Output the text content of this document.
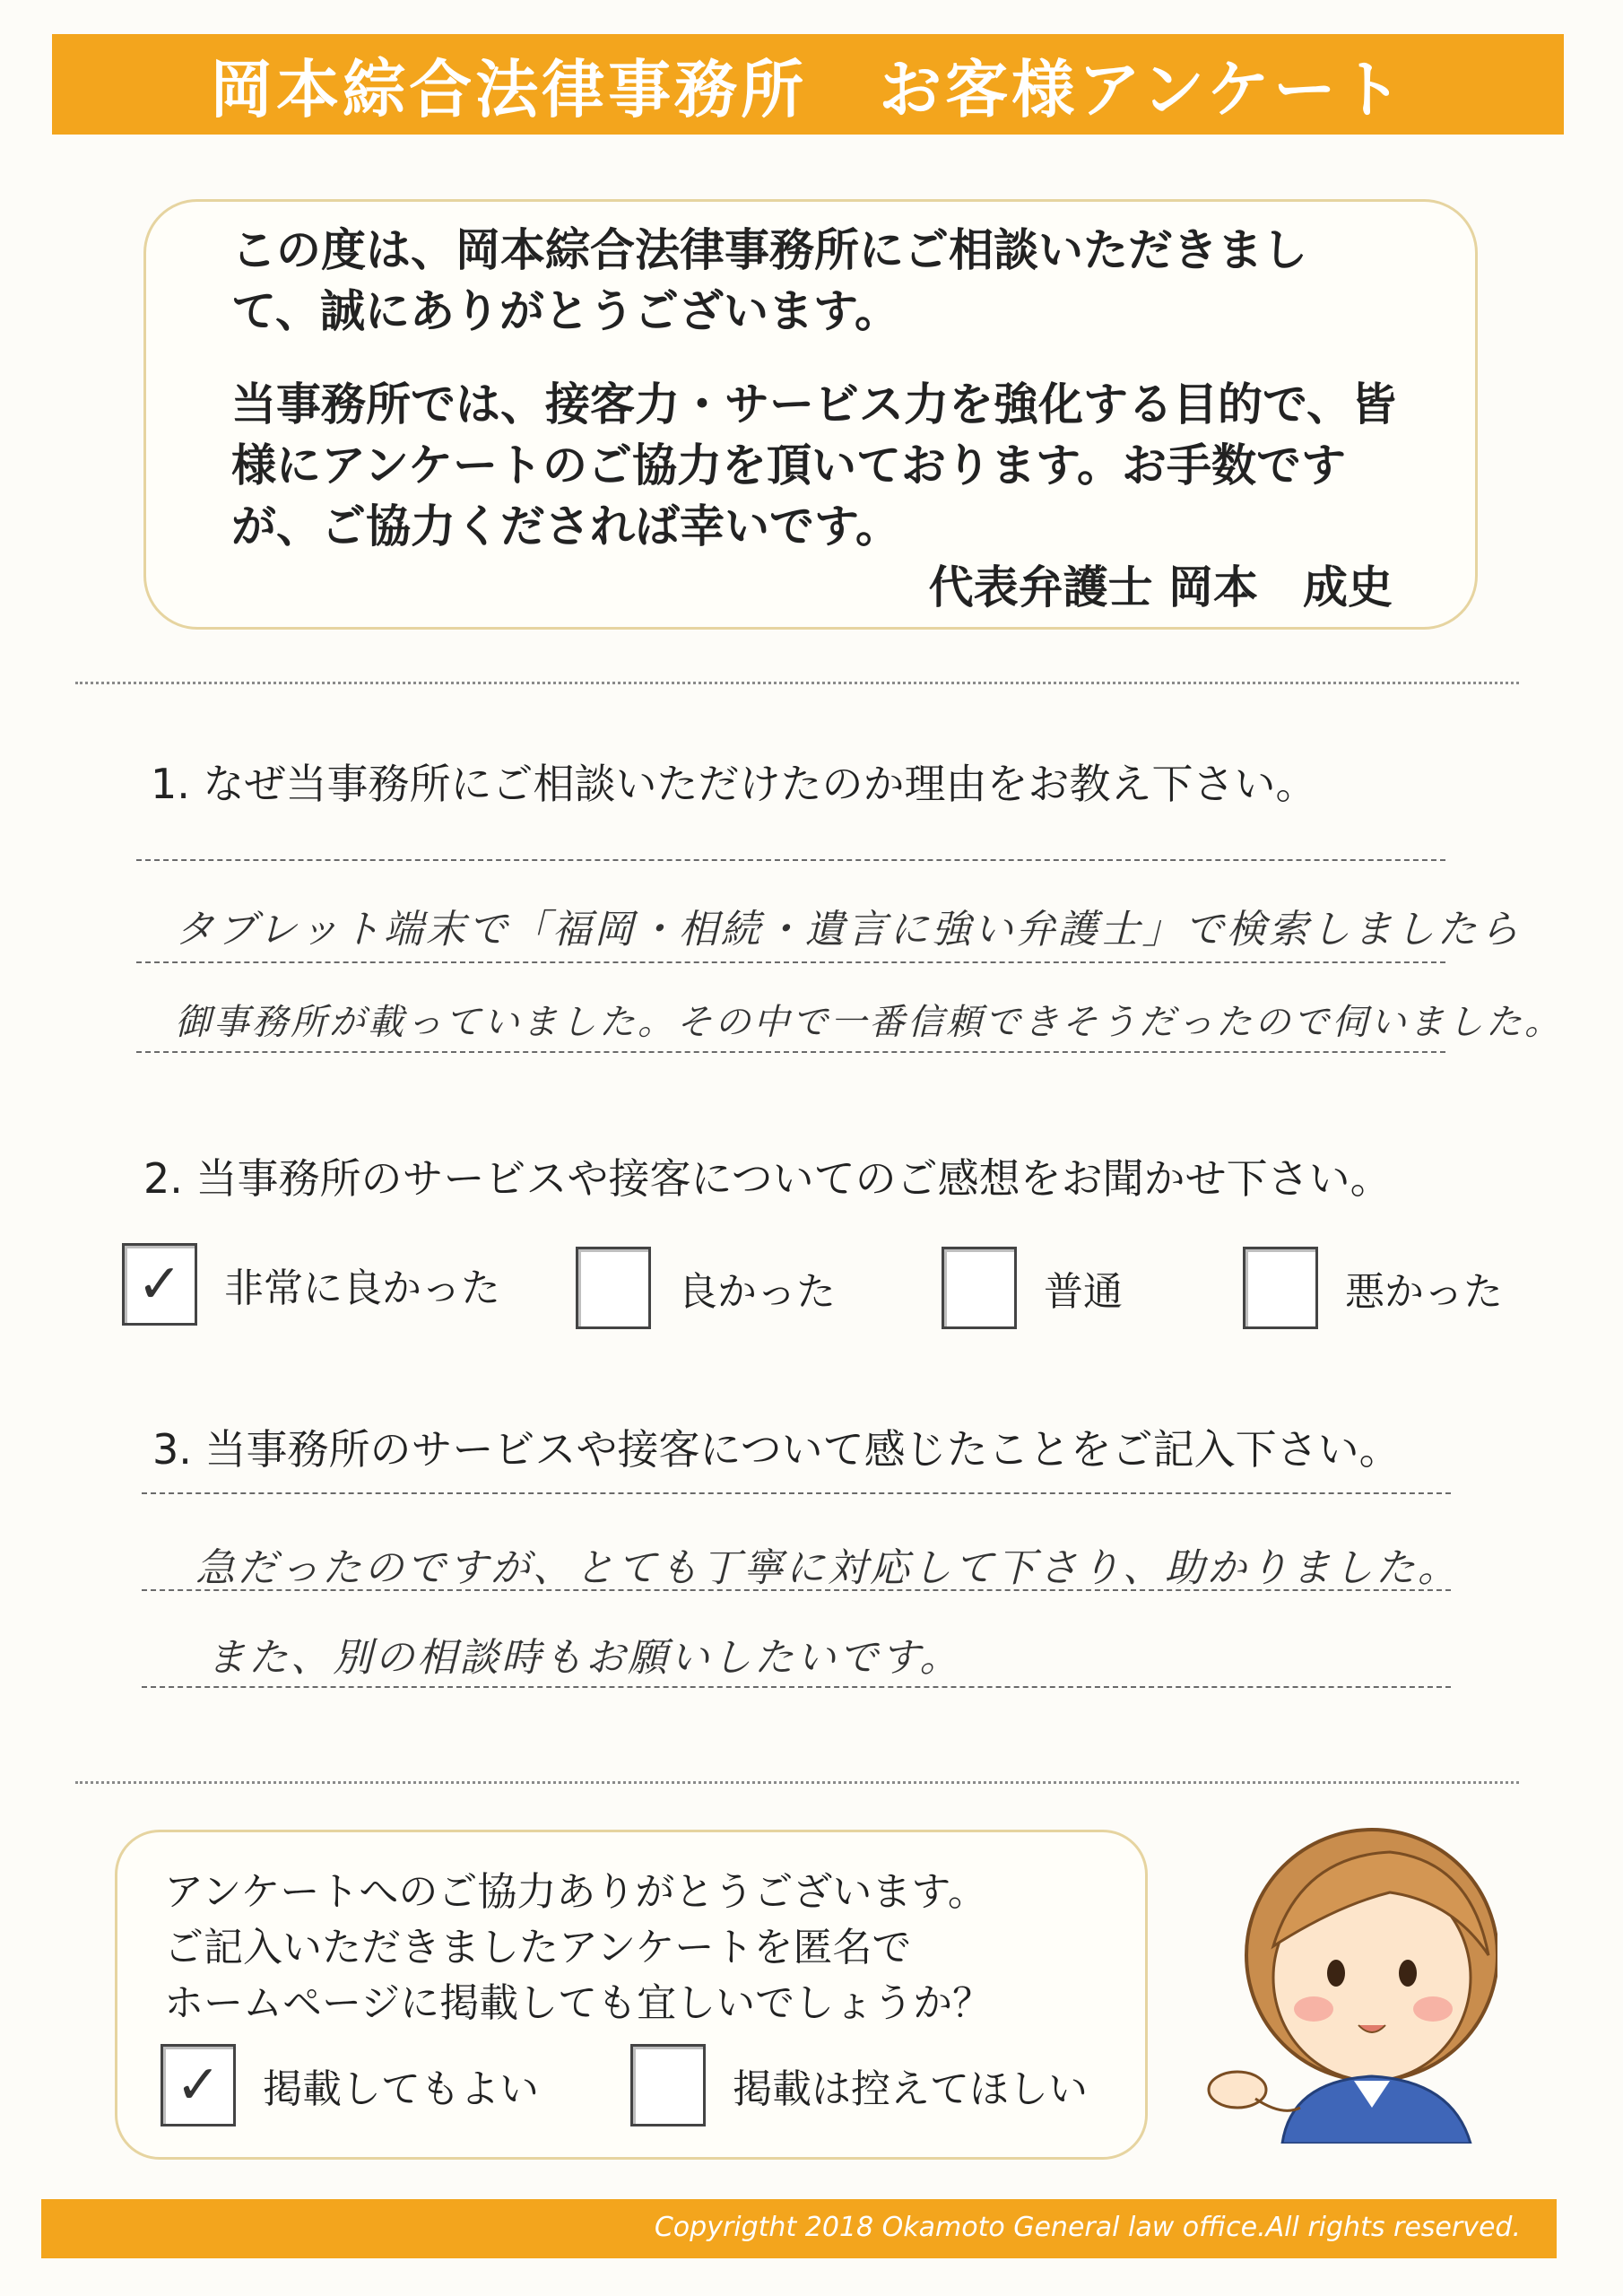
岡本綜合法律事務所 お客様アンケート

この度は、岡本綜合法律事務所にご相談いただきまして、誠にありがとうございます。

当事務所では、接客力・サービス力を強化する目的で、皆様にアンケートのご協力を頂いております。お手数ですが、ご協力くだされば幸いです。

代表弁護士 岡本　成史
1. なぜ当事務所にご相談いただけたのか理由をお教え下さい。
タブレット端末で「福岡・相続・遺言に強い弁護士」で検索しましたら
御事務所が載っていました。その中で一番信頼できそうだったので伺いました。
2. 当事務所のサービスや接客についてのご感想をお聞かせ下さい。
✓	非常に良かった	良かった	普通	悪かった
3. 当事務所のサービスや接客について感じたことをご記入下さい。
急だったのですが、とても丁寧に対応して下さり、助かりました。
また、別の相談時もお願いしたいです。

アンケートへのご協力ありがとうございます。

ご記入いただきましたアンケートを匿名で

ホームページに掲載しても宜しいでしょうか？

✓	掲載してもよい	掲載は控えてほしい
Copyrigtht 2018 Okamoto General law office.All rights reserved.
